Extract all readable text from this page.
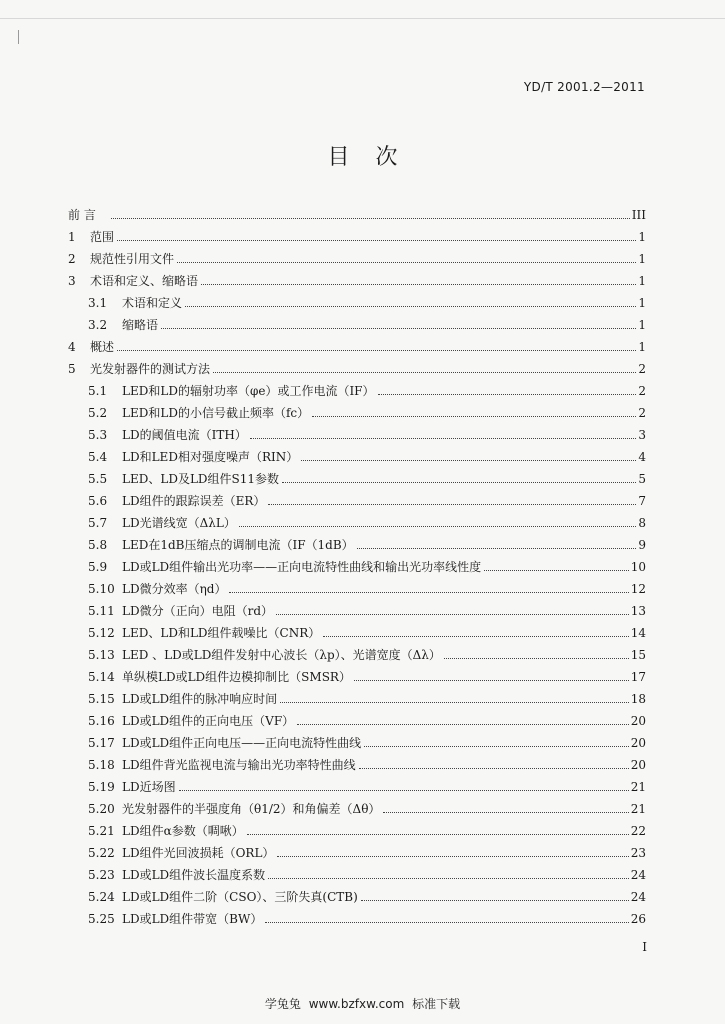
YD/T 2001.2—2011
目次
前 言	III
1	范围	1
2	规范性引用文件	1
3	术语和定义、缩略语	1
3.1	术语和定义	1
3.2	缩略语	1
4	概述	1
5	光发射器件的测试方法	2
5.1	LED和LD的辐射功率（φe）或工作电流（IF）	2
5.2	LED和LD的小信号截止频率（fc）	2
5.3	LD的阈值电流（ITH）	3
5.4	LD和LED相对强度噪声（RIN）	4
5.5	LED、LD及LD组件S11参数	5
5.6	LD组件的跟踪误差（ER）	7
5.7	LD光谱线宽（ΔλL）	8
5.8	LED在1dB压缩点的调制电流（IF（1dB）	9
5.9	LD或LD组件输出光功率——正向电流特性曲线和输出光功率线性度	10
5.10 LD微分效率（ηd）	12
5.11 LD微分（正向）电阻（rd）	13
5.12 LED、LD和LD组件载噪比（CNR）	14
5.13 LED 、LD或LD组件发射中心波长（λp）、光谱宽度（Δλ）	15
5.14 单纵模LD或LD组件边模抑制比（SMSR）	17
5.15 LD或LD组件的脉冲响应时间	18
5.16 LD或LD组件的正向电压（VF）	20
5.17 LD或LD组件正向电压——正向电流特性曲线	20
5.18 LD组件背光监视电流与输出光功率特性曲线	20
5.19 LD近场图	21
5.20 光发射器件的半强度角（θ1/2）和角偏差（Δθ）	21
5.21 LD组件α参数（啁啾）	22
5.22 LD组件光回波损耗（ORL）	23
5.23 LD或LD组件波长温度系数	24
5.24 LD或LD组件二阶（CSO）、三阶失真(CTB)	24
5.25 LD或LD组件带宽（BW）	26
I
学兔兔 www.bzfxw.com 标准下载
